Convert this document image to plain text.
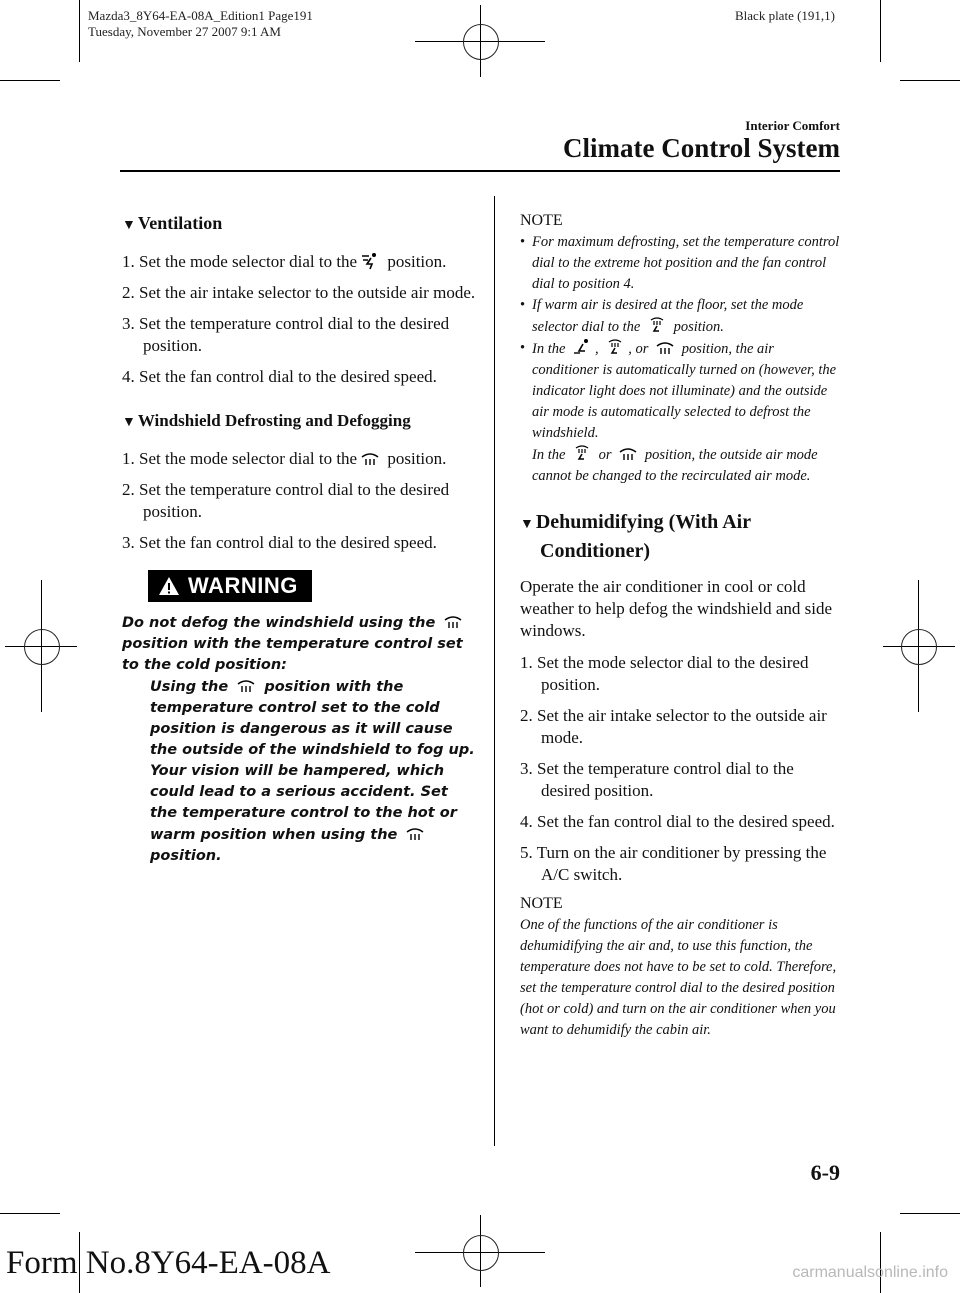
Mazda3_8Y64-EA-08A_Edition1 Page191
Tuesday, November 27 2007 9:1 AM
Black plate (191,1)
Interior Comfort
Climate Control System
▼ Ventilation
1. Set the mode selector dial to the position.
2. Set the air intake selector to the outside air mode.
3. Set the temperature control dial to the desired position.
4. Set the fan control dial to the desired speed.
▼ Windshield Defrosting and Defogging
1. Set the mode selector dial to the position.
2. Set the temperature control dial to the desired position.
3. Set the fan control dial to the desired speed.
WARNING
Do not defog the windshield using the  position with the temperature control set to the cold position:
Using the position with the temperature control set to the cold position is dangerous as it will cause the outside of the windshield to fog up. Your vision will be hampered, which could lead to a serious accident. Set the temperature control to the hot or warm position when using the  position.
NOTE
• For maximum defrosting, set the temperature control dial to the extreme hot position and the fan control dial to position 4.
• If warm air is desired at the floor, set the mode selector dial to the position.
• In the , , or position, the air conditioner is automatically turned on (however, the indicator light does not illuminate) and the outside air mode is automatically selected to defrost the windshield.
In the or position, the outside air mode cannot be changed to the recirculated air mode.
▼ Dehumidifying (With Air Conditioner)
Operate the air conditioner in cool or cold weather to help defog the windshield and side windows.
1. Set the mode selector dial to the desired position.
2. Set the air intake selector to the outside air mode.
3. Set the temperature control dial to the desired position.
4. Set the fan control dial to the desired speed.
5. Turn on the air conditioner by pressing the A/C switch.
NOTE
One of the functions of the air conditioner is dehumidifying the air and, to use this function, the temperature does not have to be set to cold. Therefore, set the temperature control dial to the desired position (hot or cold) and turn on the air conditioner when you want to dehumidify the cabin air.
6-9
Form No.8Y64-EA-08A	carmanualsonline.info
